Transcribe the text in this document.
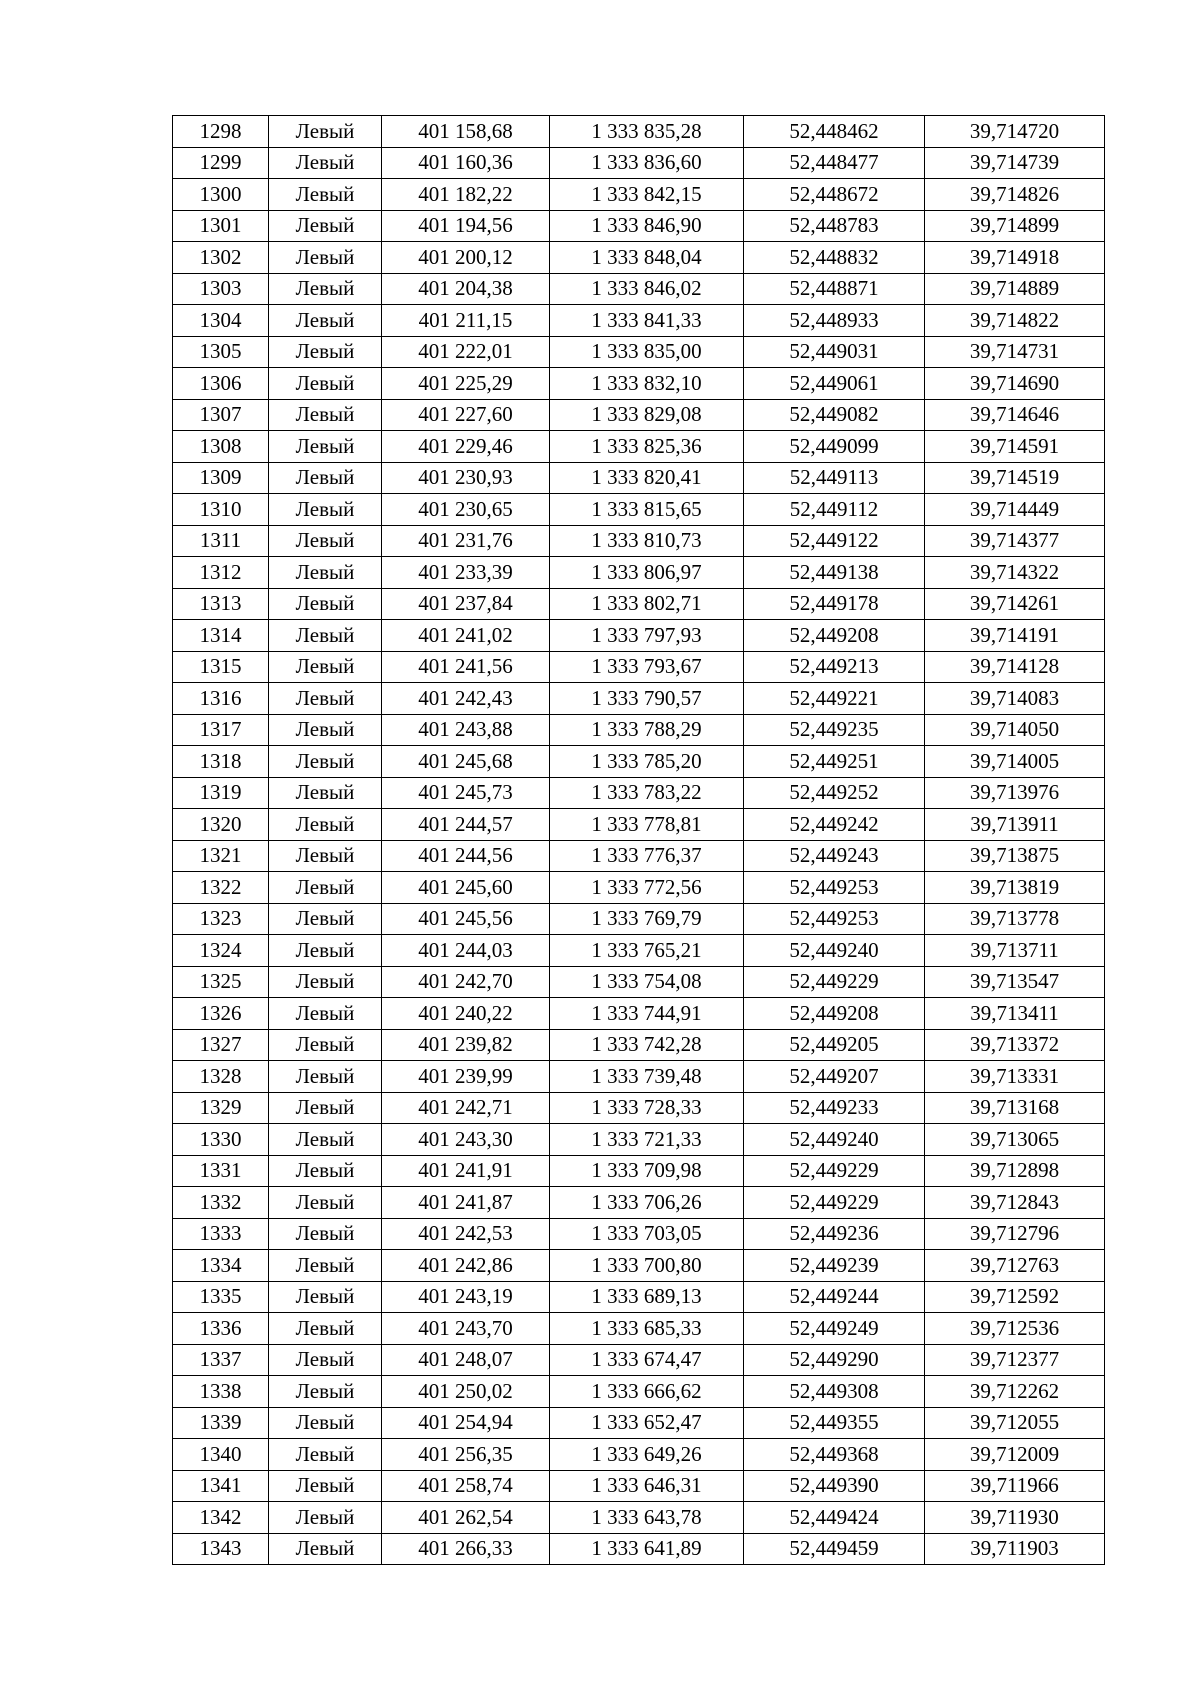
1298	Левый	401 158,68	1 333 835,28	52,448462	39,714720
1299	Левый	401 160,36	1 333 836,60	52,448477	39,714739
1300	Левый	401 182,22	1 333 842,15	52,448672	39,714826
1301	Левый	401 194,56	1 333 846,90	52,448783	39,714899
1302	Левый	401 200,12	1 333 848,04	52,448832	39,714918
1303	Левый	401 204,38	1 333 846,02	52,448871	39,714889
1304	Левый	401 211,15	1 333 841,33	52,448933	39,714822
1305	Левый	401 222,01	1 333 835,00	52,449031	39,714731
1306	Левый	401 225,29	1 333 832,10	52,449061	39,714690
1307	Левый	401 227,60	1 333 829,08	52,449082	39,714646
1308	Левый	401 229,46	1 333 825,36	52,449099	39,714591
1309	Левый	401 230,93	1 333 820,41	52,449113	39,714519
1310	Левый	401 230,65	1 333 815,65	52,449112	39,714449
1311	Левый	401 231,76	1 333 810,73	52,449122	39,714377
1312	Левый	401 233,39	1 333 806,97	52,449138	39,714322
1313	Левый	401 237,84	1 333 802,71	52,449178	39,714261
1314	Левый	401 241,02	1 333 797,93	52,449208	39,714191
1315	Левый	401 241,56	1 333 793,67	52,449213	39,714128
1316	Левый	401 242,43	1 333 790,57	52,449221	39,714083
1317	Левый	401 243,88	1 333 788,29	52,449235	39,714050
1318	Левый	401 245,68	1 333 785,20	52,449251	39,714005
1319	Левый	401 245,73	1 333 783,22	52,449252	39,713976
1320	Левый	401 244,57	1 333 778,81	52,449242	39,713911
1321	Левый	401 244,56	1 333 776,37	52,449243	39,713875
1322	Левый	401 245,60	1 333 772,56	52,449253	39,713819
1323	Левый	401 245,56	1 333 769,79	52,449253	39,713778
1324	Левый	401 244,03	1 333 765,21	52,449240	39,713711
1325	Левый	401 242,70	1 333 754,08	52,449229	39,713547
1326	Левый	401 240,22	1 333 744,91	52,449208	39,713411
1327	Левый	401 239,82	1 333 742,28	52,449205	39,713372
1328	Левый	401 239,99	1 333 739,48	52,449207	39,713331
1329	Левый	401 242,71	1 333 728,33	52,449233	39,713168
1330	Левый	401 243,30	1 333 721,33	52,449240	39,713065
1331	Левый	401 241,91	1 333 709,98	52,449229	39,712898
1332	Левый	401 241,87	1 333 706,26	52,449229	39,712843
1333	Левый	401 242,53	1 333 703,05	52,449236	39,712796
1334	Левый	401 242,86	1 333 700,80	52,449239	39,712763
1335	Левый	401 243,19	1 333 689,13	52,449244	39,712592
1336	Левый	401 243,70	1 333 685,33	52,449249	39,712536
1337	Левый	401 248,07	1 333 674,47	52,449290	39,712377
1338	Левый	401 250,02	1 333 666,62	52,449308	39,712262
1339	Левый	401 254,94	1 333 652,47	52,449355	39,712055
1340	Левый	401 256,35	1 333 649,26	52,449368	39,712009
1341	Левый	401 258,74	1 333 646,31	52,449390	39,711966
1342	Левый	401 262,54	1 333 643,78	52,449424	39,711930
1343	Левый	401 266,33	1 333 641,89	52,449459	39,711903
